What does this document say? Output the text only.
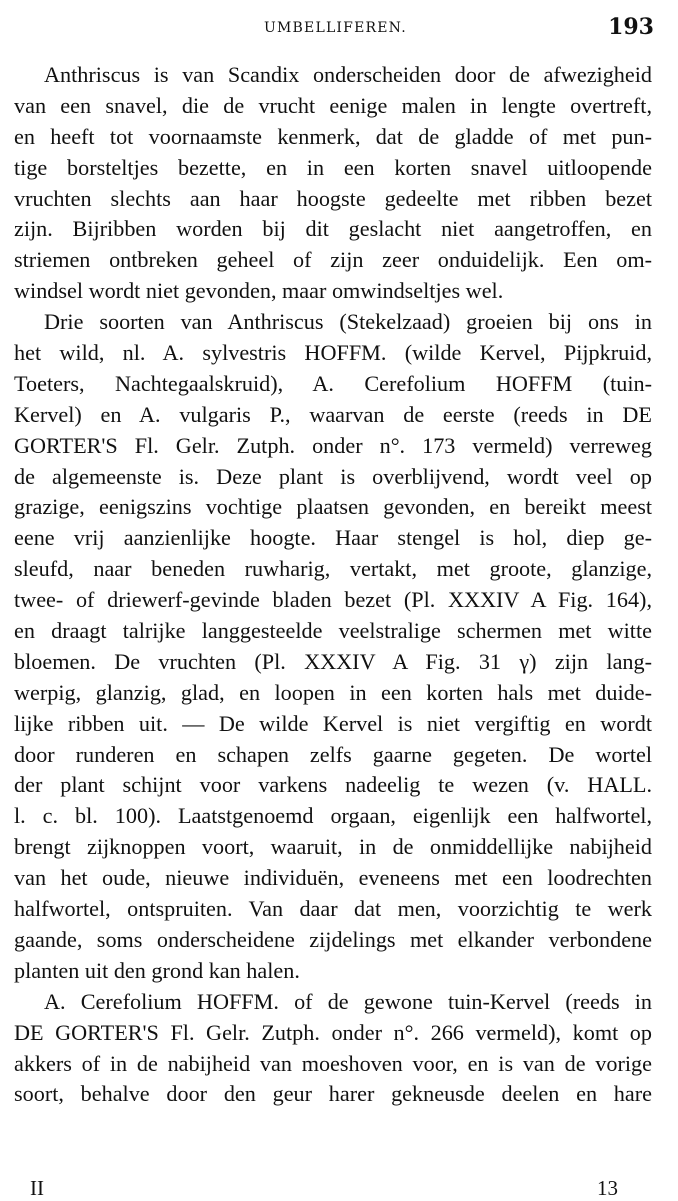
UMBELLIFEREN.	193
Anthriscus is van Scandix onderscheiden door de afwezigheid
van een snavel, die de vrucht eenige malen in lengte overtreft,
en heeft tot voornaamste kenmerk, dat de gladde of met pun-
tige borsteltjes bezette, en in een korten snavel uitloopende
vruchten slechts aan haar hoogste gedeelte met ribben bezet
zijn. Bijribben worden bij dit geslacht niet aangetroffen, en
striemen ontbreken geheel of zijn zeer onduidelijk. Een om-
windsel wordt niet gevonden, maar omwindseltjes wel.
Drie soorten van Anthriscus (Stekelzaad) groeien bij ons in
het wild, nl. A. sylvestris HOFFM. (wilde Kervel, Pijpkruid,
Toeters, Nachtegaalskruid), A. Cerefolium HOFFM (tuin-
Kervel) en A. vulgaris P., waarvan de eerste (reeds in DE
GORTER'S Fl. Gelr. Zutph. onder n°. 173 vermeld) verreweg
de algemeenste is. Deze plant is overblijvend, wordt veel op
grazige, eenigszins vochtige plaatsen gevonden, en bereikt meest
eene vrij aanzienlijke hoogte. Haar stengel is hol, diep ge-
sleufd, naar beneden ruwharig, vertakt, met groote, glanzige,
twee- of driewerf-gevinde bladen bezet (Pl. XXXIV A Fig. 164),
en draagt talrijke langgesteelde veelstralige schermen met witte
bloemen. De vruchten (Pl. XXXIV A Fig. 31 γ) zijn lang-
werpig, glanzig, glad, en loopen in een korten hals met duide-
lijke ribben uit. — De wilde Kervel is niet vergiftig en wordt
door runderen en schapen zelfs gaarne gegeten. De wortel
der plant schijnt voor varkens nadeelig te wezen (v. HALL.
l. c. bl. 100). Laatstgenoemd orgaan, eigenlijk een halfwortel,
brengt zijknoppen voort, waaruit, in de onmiddellijke nabijheid
van het oude, nieuwe individuën, eveneens met een loodrechten
halfwortel, ontspruiten. Van daar dat men, voorzichtig te werk
gaande, soms onderscheidene zijdelings met elkander verbondene
planten uit den grond kan halen.
A. Cerefolium HOFFM. of de gewone tuin-Kervel (reeds in
DE GORTER'S Fl. Gelr. Zutph. onder n°. 266 vermeld), komt op
akkers of in de nabijheid van moeshoven voor, en is van de vorige
soort, behalve door den geur harer gekneusde deelen en hare
II	13
